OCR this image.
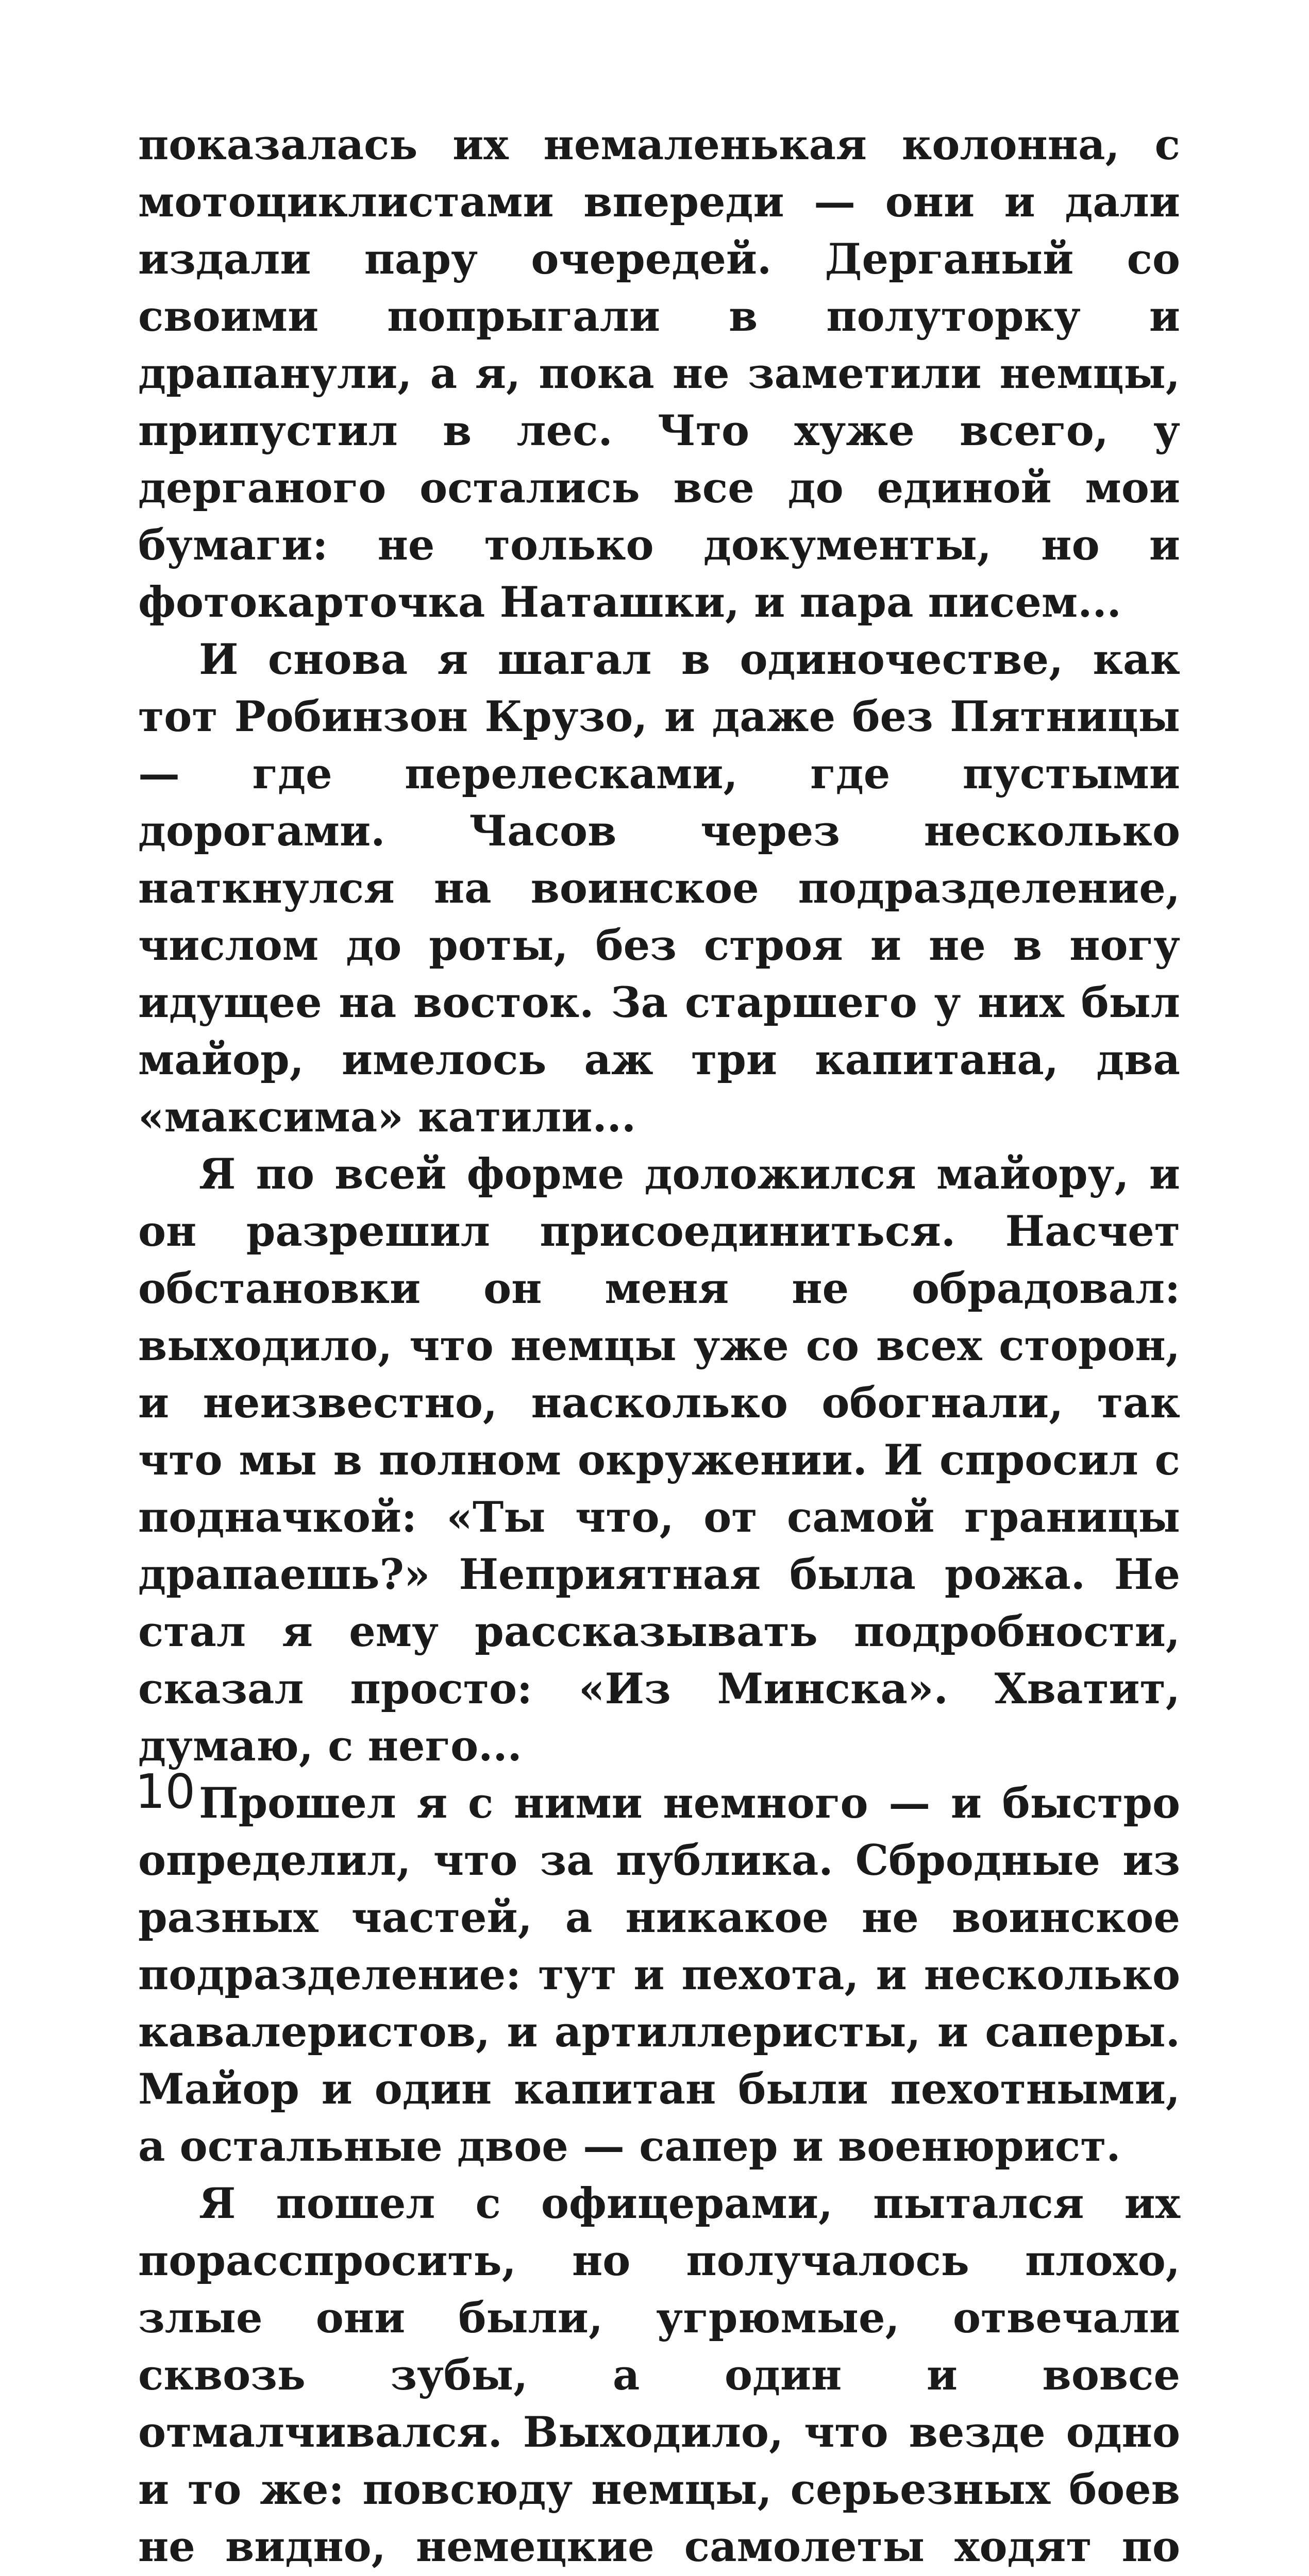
показалась их немаленькая колонна, с мотоциклистами впереди — они и дали издали пару очередей. Дерганый со своими попрыгали в полуторку и драпанули, а я, пока не заметили немцы, припустил в лес. Что хуже всего, у дерганого остались все до единой мои бумаги: не только документы, но и фотокарточка Наташки, и пара писем...

И снова я шагал в одиночестве, как тот Робинзон Крузо, и даже без Пятницы — где перелесками, где пустыми дорогами. Часов через несколько наткнулся на воинское подразделение, числом до роты, без строя и не в ногу идущее на восток. За старшего у них был майор, имелось аж три капитана, два «максима» катили...

Я по всей форме доложился майору, и он разрешил присоединиться. Насчет обстановки он меня не обрадовал: выходило, что немцы уже со всех сторон, и неизвестно, насколько обогнали, так что мы в полном окружении. И спросил с подначкой: «Ты что, от самой границы драпаешь?» Неприятная была рожа. Не стал я ему рассказывать подробности, сказал просто: «Из Минска». Хватит, думаю, с него...

Прошел я с ними немного — и быстро определил, что за публика. Сбродные из разных частей, а никакое не воинское подразделение: тут и пехота, и несколько кавалеристов, и артиллеристы, и саперы. Майор и один капитан были пехотными, а остальные двое — сапер и военюрист.

Я пошел с офицерами, пытался их порасспросить, но получалось плохо, злые они были, угрюмые, отвечали сквозь зубы, а один и вовсе отмалчивался. Выходило, что везде одно и то же: повсюду немцы, серьезных боев не видно, немецкие самолеты ходят по

10
